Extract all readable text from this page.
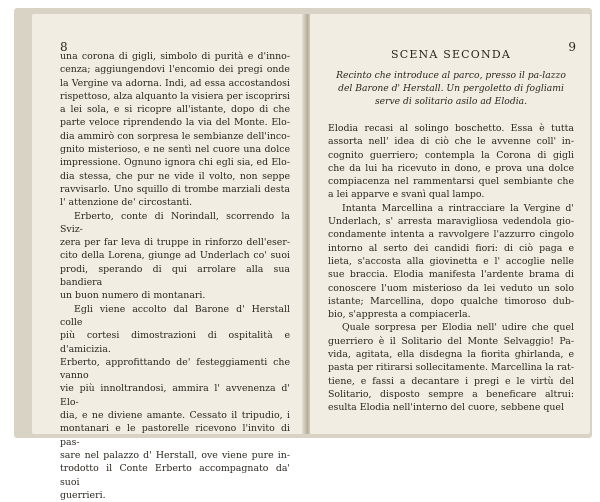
8
una corona di gigli, simbolo di purità e d'inno-
cenza; aggiungendovi l'encomio dei pregi onde
la Vergine va adorna. Indi, ad essa accostandosi
rispettoso, alza alquanto la visiera per iscoprirsi
a lei sola, e si ricopre all'istante, dopo di che
parte veloce riprendendo la via del Monte. Elo-
dia ammirò con sorpresa le sembianze dell'inco-
gnito misterioso, e ne sentì nel cuore una dolce
impressione. Ognuno ignora chi egli sia, ed Elo-
dia stessa, che pur ne vide il volto, non seppe
ravvisarlo. Uno squillo di trombe marziali desta
l' attenzione de' circostanti.
Erberto, conte di Norindall, scorrendo la Sviz-
zera per far leva di truppe in rinforzo dell'eser-
cito della Lorena, giunge ad Underlach co' suoi
prodi, sperando di qui arrolare alla sua bandiera
un buon numero di montanari.
Egli viene accolto dal Barone d' Herstall colle
più cortesi dimostrazioni di ospitalità e d'amicizia.
Erberto, approfittando de' festeggiamenti che vanno
vie più innoltrandosi, ammira l' avvenenza d' Elo-
dia, e ne diviene amante. Cessato il tripudio, i
montanari e le pastorelle ricevono l'invito di pas-
sare nel palazzo d' Herstall, ove viene pure in-
trodotto il Conte Erberto accompagnato da' suoi
guerrieri.
9
SCENA SECONDA
Recinto che introduce al parco, presso il pa-lazzo del Barone d' Herstall. Un pergoletto di fogliami serve di solitario asilo ad Elodia.
Elodia recasi al solingo boschetto. Essa è tutta
assorta nell' idea di ciò che le avvenne coll' in-
cognito guerriero; contempla la Corona di gigli
che da lui ha ricevuto in dono, e prova una dolce
compiacenza nel rammentarsi quel sembiante che
a lei apparve e svanì qual lampo.
Intanta Marcellina a rintracciare la Vergine d'
Underlach, s' arresta maravigliosa vedendola gio-
condamente intenta a ravvolgere l'azzurro cingolo
intorno al serto dei candidi fiori: di ciò paga e
lieta, s'accosta alla giovinetta e l' accoglie nelle
sue braccia. Elodia manifesta l'ardente brama di
conoscere l'uom misterioso da lei veduto un solo
istante; Marcellina, dopo qualche timoroso dub-
bio, s'appresta a compiacerla.
Quale sorpresa per Elodia nell' udire che quel
guerriero è il Solitario del Monte Selvaggio! Pa-
vida, agitata, ella disdegna la fiorita ghirlanda, e
pasta per ritirarsi sollecitamente. Marcellina la rat-
tiene, e fassi a decantare i pregi e le virtù del
Solitario, disposto sempre a beneficare altrui:
esulta Elodia nell'interno del cuore, sebbene quel
